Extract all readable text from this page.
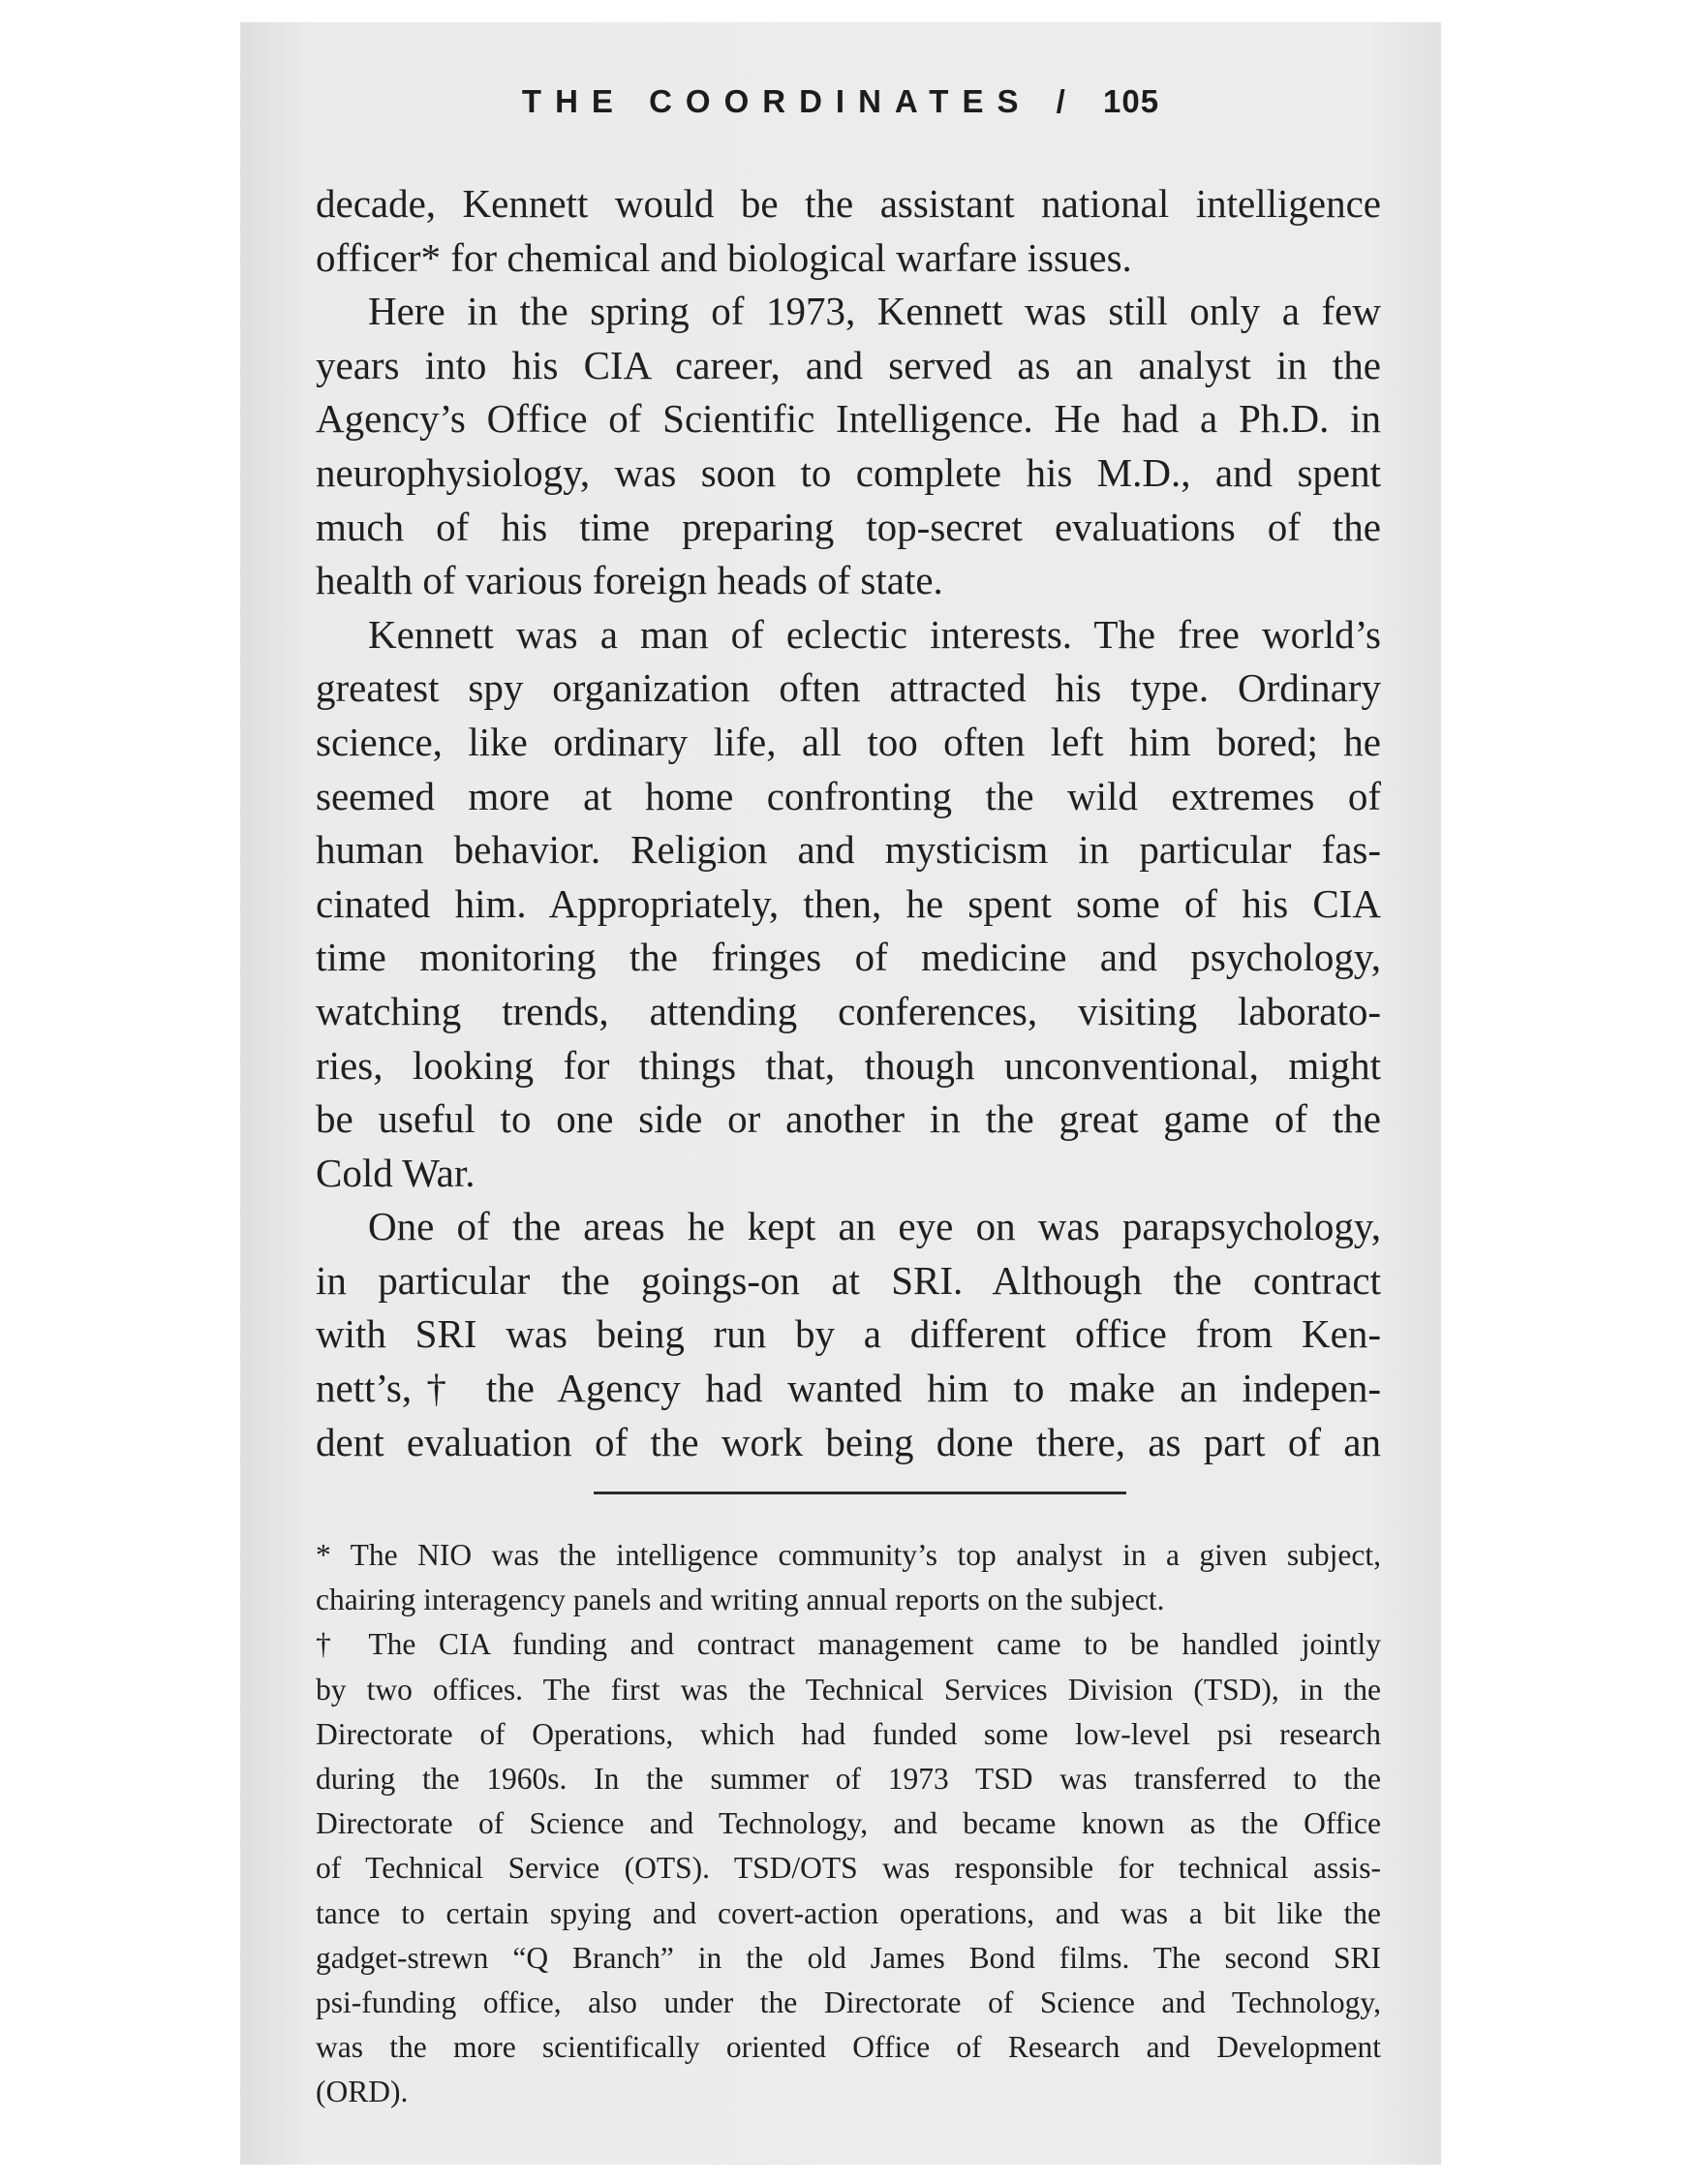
THE COORDINATES / 105
decade, Kennett would be the assistant national intelligence
officer* for chemical and biological warfare issues.
Here in the spring of 1973, Kennett was still only a few
years into his CIA career, and served as an analyst in the
Agency’s Office of Scientific Intelligence. He had a Ph.D. in
neurophysiology, was soon to complete his M.D., and spent
much of his time preparing top-secret evaluations of the
health of various foreign heads of state.
Kennett was a man of eclectic interests. The free world’s
greatest spy organization often attracted his type. Ordinary
science, like ordinary life, all too often left him bored; he
seemed more at home confronting the wild extremes of
human behavior. Religion and mysticism in particular fas-
cinated him. Appropriately, then, he spent some of his CIA
time monitoring the fringes of medicine and psychology,
watching trends, attending conferences, visiting laborato-
ries, looking for things that, though unconventional, might
be useful to one side or another in the great game of the
Cold War.
One of the areas he kept an eye on was parapsychology,
in particular the goings-on at SRI. Although the contract
with SRI was being run by a different office from Ken-
nett’s,† the Agency had wanted him to make an indepen-
dent evaluation of the work being done there, as part of an
* The NIO was the intelligence community’s top analyst in a given subject,
chairing interagency panels and writing annual reports on the subject.
† The CIA funding and contract management came to be handled jointly
by two offices. The first was the Technical Services Division (TSD), in the
Directorate of Operations, which had funded some low-level psi research
during the 1960s. In the summer of 1973 TSD was transferred to the
Directorate of Science and Technology, and became known as the Office
of Technical Service (OTS). TSD/OTS was responsible for technical assis-
tance to certain spying and covert-action operations, and was a bit like the
gadget-strewn “Q Branch” in the old James Bond films. The second SRI
psi-funding office, also under the Directorate of Science and Technology,
was the more scientifically oriented Office of Research and Development
(ORD).
